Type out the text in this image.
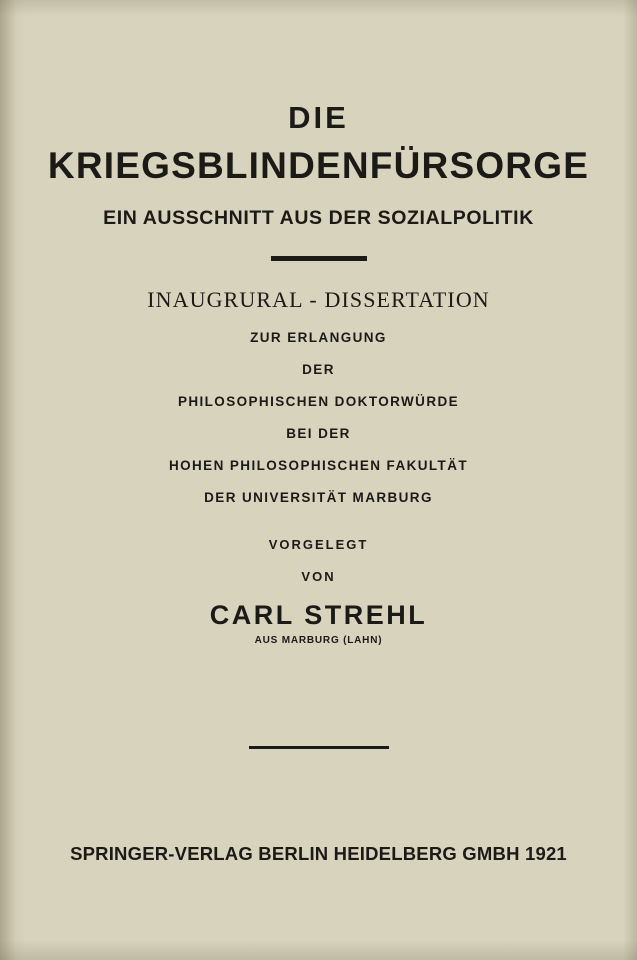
DIE
KRIEGSBLINDENFÜRSORGE
EIN AUSSCHNITT AUS DER SOZIALPOLITIK
INAUGRURAL - DISSERTATION
ZUR ERLANGUNG
DER
PHILOSOPHISCHEN DOKTORWÜRDE
BEI DER
HOHEN PHILOSOPHISCHEN FAKULTÄT
DER UNIVERSITÄT MARBURG
VORGELEGT
VON
CARL STREHL
AUS MARBURG (LAHN)
SPRINGER-VERLAG BERLIN HEIDELBERG GMBH 1921
